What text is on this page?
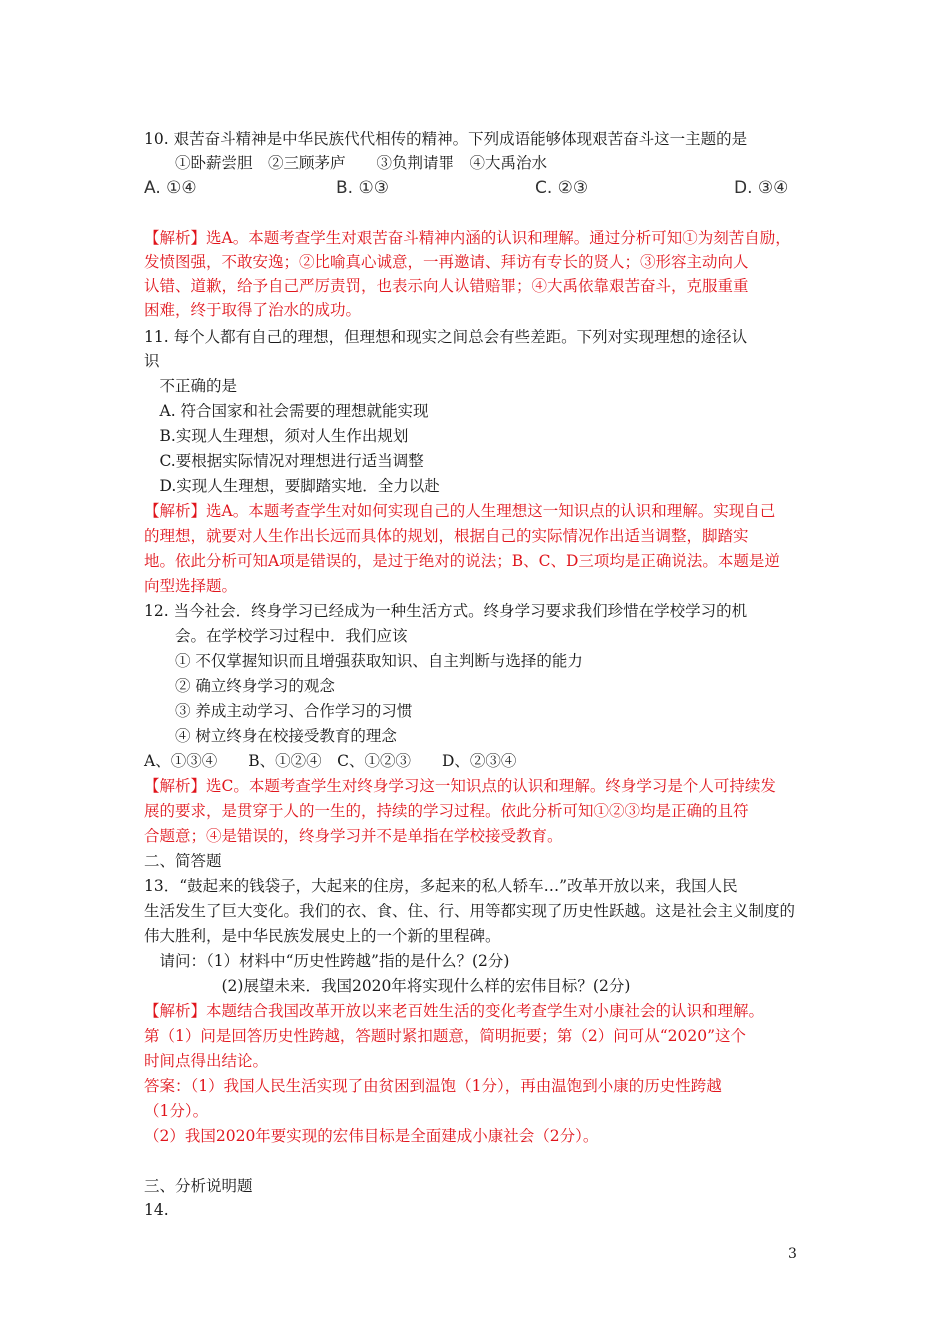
10. 艰苦奋斗精神是中华民族代代相传的精神。下列成语能够体现艰苦奋斗这一主题的是
　　①卧薪尝胆　②三顾茅庐　　③负荆请罪　④大禹治水
A. ①④	B. ①③	C. ②③	D. ③④
【解析】选A。本题考查学生对艰苦奋斗精神内涵的认识和理解。通过分析可知①为刻苦自励，
发愤图强，不敢安逸；②比喻真心诚意，一再邀请、拜访有专长的贤人；③形容主动向人
认错、道歉，给予自己严厉责罚，也表示向人认错赔罪；④大禹依靠艰苦奋斗，克服重重
困难，终于取得了治水的成功。
11. 每个人都有自己的理想，但理想和现实之间总会有些差距。下列对实现理想的途径认
识
　不正确的是
　A. 符合国家和社会需要的理想就能实现
　B.实现人生理想，须对人生作出规划
　C.要根据实际情况对理想进行适当调整
　D.实现人生理想，要脚踏实地．全力以赴
【解析】选A。本题考查学生对如何实现自己的人生理想这一知识点的认识和理解。实现自己
的理想，就要对人生作出长远而具体的规划，根据自己的实际情况作出适当调整，脚踏实
地。依此分析可知A项是错误的，是过于绝对的说法；B、C、D三项均是正确说法。本题是逆
向型选择题。
12. 当今社会．终身学习已经成为一种生活方式。终身学习要求我们珍惜在学校学习的机
　　会。在学校学习过程中．我们应该
　　① 不仅掌握知识而且增强获取知识、自主判断与选择的能力
　　② 确立终身学习的观念
　　③ 养成主动学习、合作学习的习惯
　　④ 树立终身在校接受教育的理念
A、①③④　　B、①②④　C、①②③　　D、②③④
【解析】选C。本题考查学生对终身学习这一知识点的认识和理解。终身学习是个人可持续发
展的要求，是贯穿于人的一生的，持续的学习过程。依此分析可知①②③均是正确的且符
合题意；④是错误的，终身学习并不是单指在学校接受教育。
二、简答题
13．“鼓起来的钱袋子，大起来的住房，多起来的私人轿车…”改革开放以来，我国人民
生活发生了巨大变化。我们的衣、食、住、行、用等都实现了历史性跃越。这是社会主义制度的
伟大胜利，是中华民族发展史上的一个新的里程碑。
　请问：（1）材料中“历史性跨越”指的是什么？(2分)
　　　　　(2)展望未来．我国2020年将实现什么样的宏伟目标？(2分)
【解析】本题结合我国改革开放以来老百姓生活的变化考查学生对小康社会的认识和理解。
第（1）问是回答历史性跨越，答题时紧扣题意，简明扼要；第（2）问可从“2020”这个
时间点得出结论。
答案：（1）我国人民生活实现了由贫困到温饱（1分），再由温饱到小康的历史性跨越
（1分）。
（2）我国2020年要实现的宏伟目标是全面建成小康社会（2分）。
三、分析说明题
14.
3
